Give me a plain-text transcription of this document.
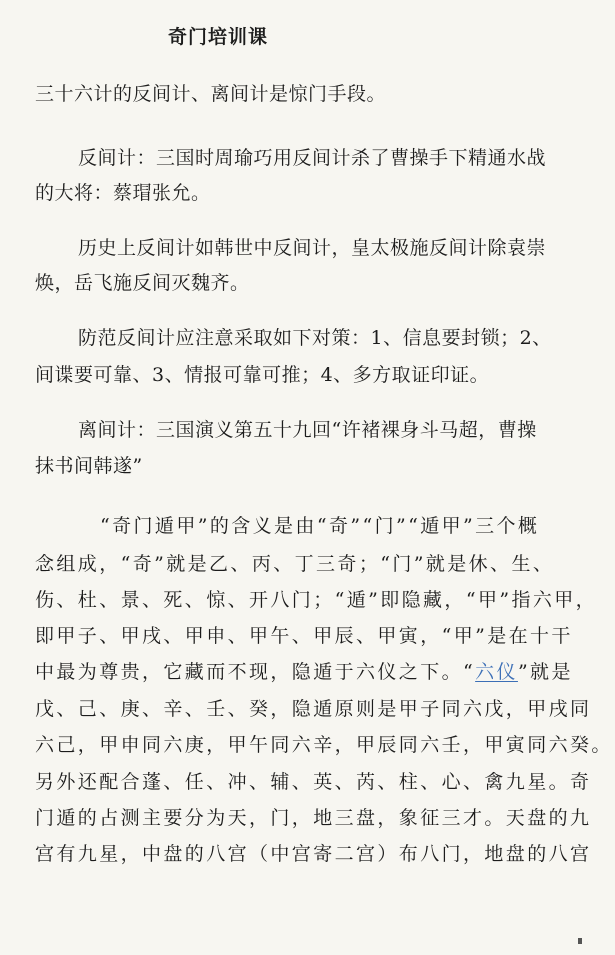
奇门培训课
三十六计的反间计、离间计是惊门手段。
反间计：三国时周瑜巧用反间计杀了曹操手下精通水战
的大将：蔡瑁张允。
历史上反间计如韩世中反间计，皇太极施反间计除袁崇
焕，岳飞施反间灭魏齐。
防范反间计应注意采取如下对策：1、信息要封锁；2、
间谍要可靠、3、情报可靠可推；4、多方取证印证。
离间计：三国演义第五十九回“许褚裸身斗马超，曹操
抹书间韩遂”
“奇门遁甲”的含义是由“奇”“门”“遁甲”三个概
念组成，“奇”就是乙、丙、丁三奇；“门”就是休、生、
伤、杜、景、死、惊、开八门；“遁”即隐藏，“甲”指六甲，
即甲子、甲戌、甲申、甲午、甲辰、甲寅，“甲”是在十干
中最为尊贵，它藏而不现，隐遁于六仪之下。“六仪”就是
戊、己、庚、辛、壬、癸，隐遁原则是甲子同六戊，甲戌同
六己，甲申同六庚，甲午同六辛，甲辰同六壬，甲寅同六癸。
另外还配合蓬、任、冲、辅、英、芮、柱、心、禽九星。奇
门遁的占测主要分为天，门，地三盘，象征三才。天盘的九
宫有九星，中盘的八宫（中宫寄二宫）布八门，地盘的八宫
